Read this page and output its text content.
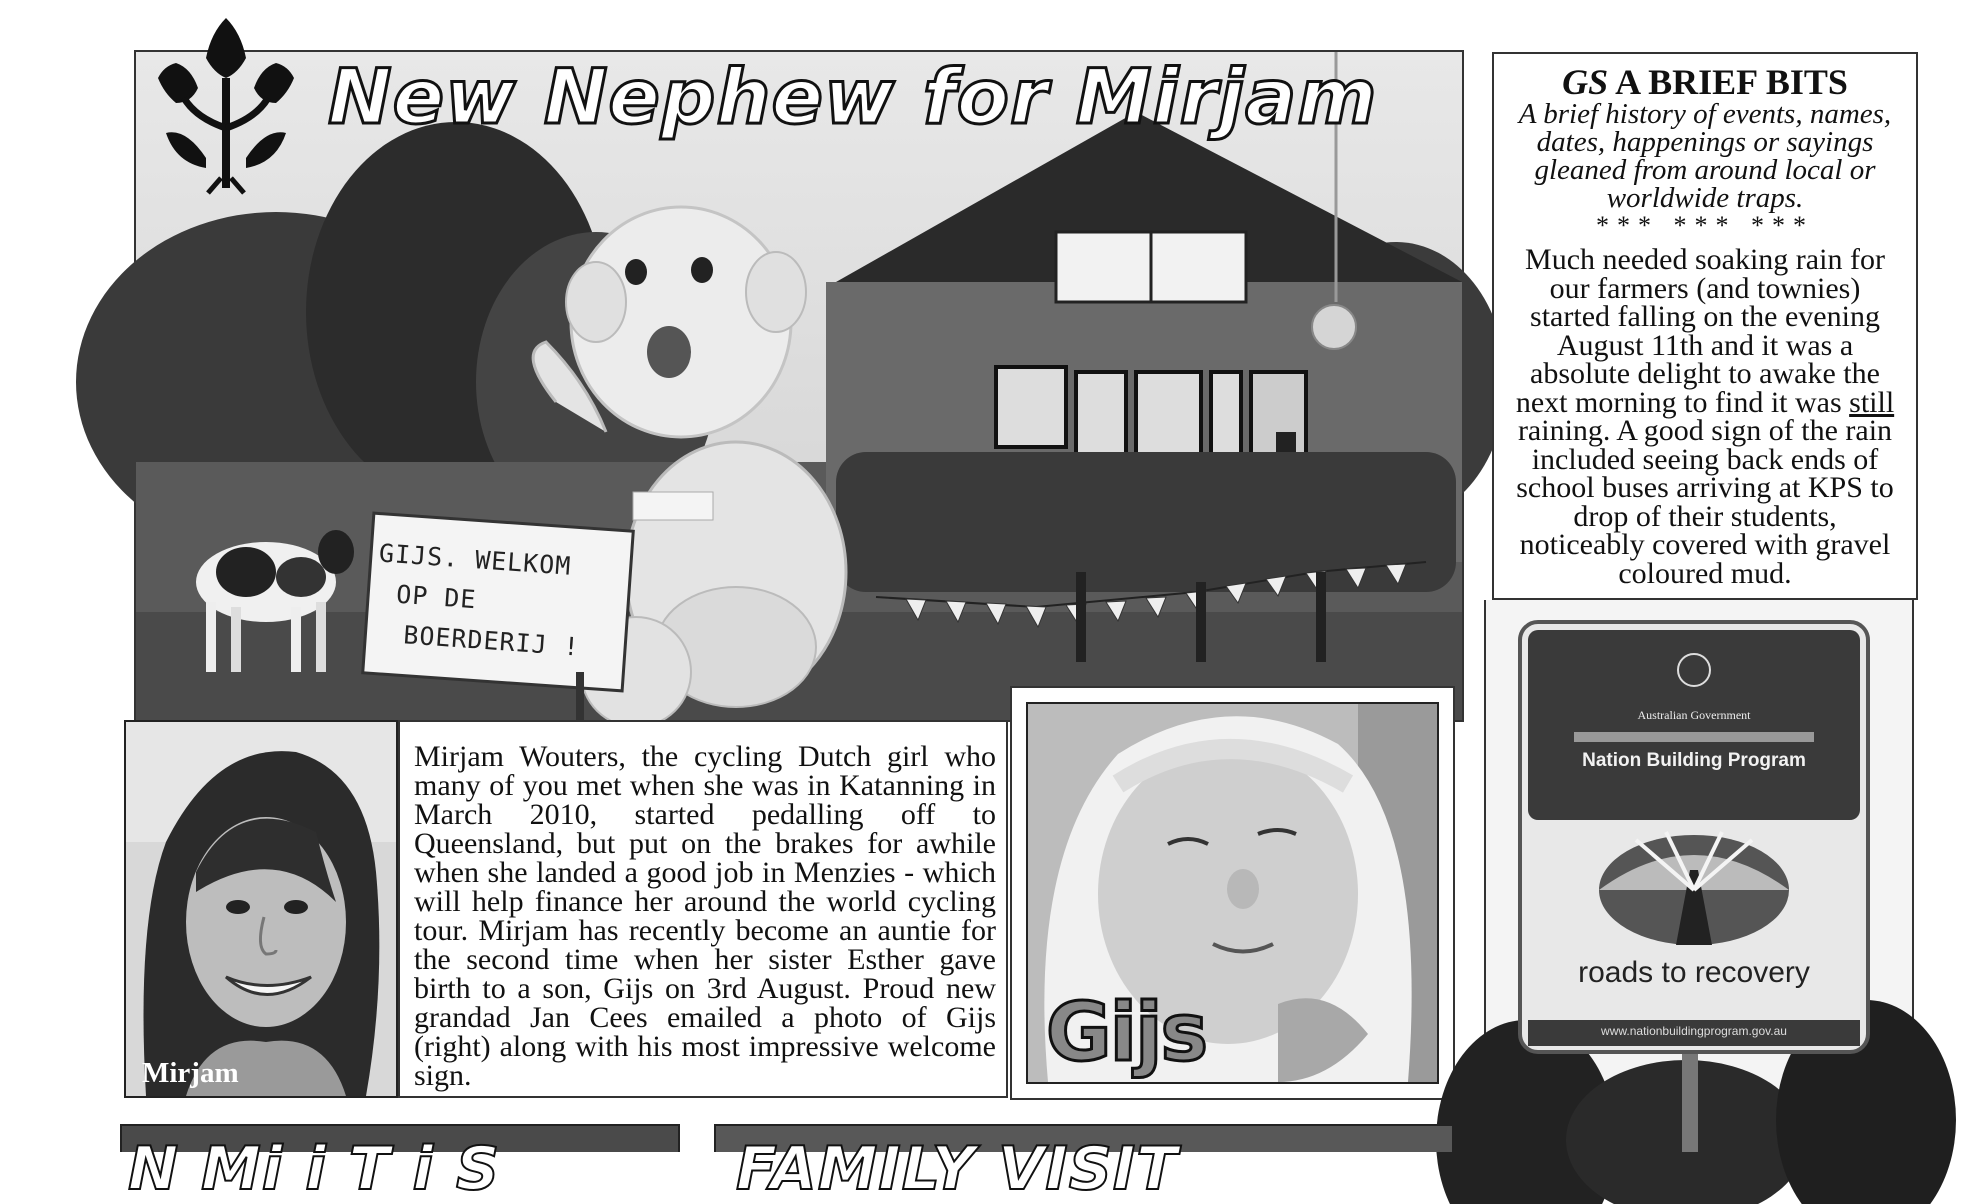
GIJS. WELKOM
OP DE
BOERDERIJ !
New Nephew for Mirjam
Mirjam

Mirjam Wouters, the cycling Dutch girl who many of you met when she was in Katanning in March 2010, started pedalling off to Queensland, but put on the brakes for awhile when she landed a good job in Menzies - which will help finance her around the world cycling tour. Mirjam has recently become an auntie for the second time when her sister Esther gave birth to a son, Gijs on 3rd August. Proud new grandad Jan Cees emailed a photo of Gijs (right) along with his most impressive welcome sign.	Gijs
GS A BRIEF BITS

A brief history of events, names, dates, happenings or sayings gleaned from around local or worldwide traps.

*** *** ***

Much needed soaking rain for our farmers (and townies) started falling on the evening August 11th and it was a absolute delight to awake the next morning to find it was still raining. A good sign of the rain included seeing back ends of school buses arriving at KPS to drop of their students, noticeably covered with gravel coloured mud.

Australian Government
Nation Building Program
roads to recovery
www.nationbuildingprogram.gov.au
N Mi i T i S	FAMILY VISIT
